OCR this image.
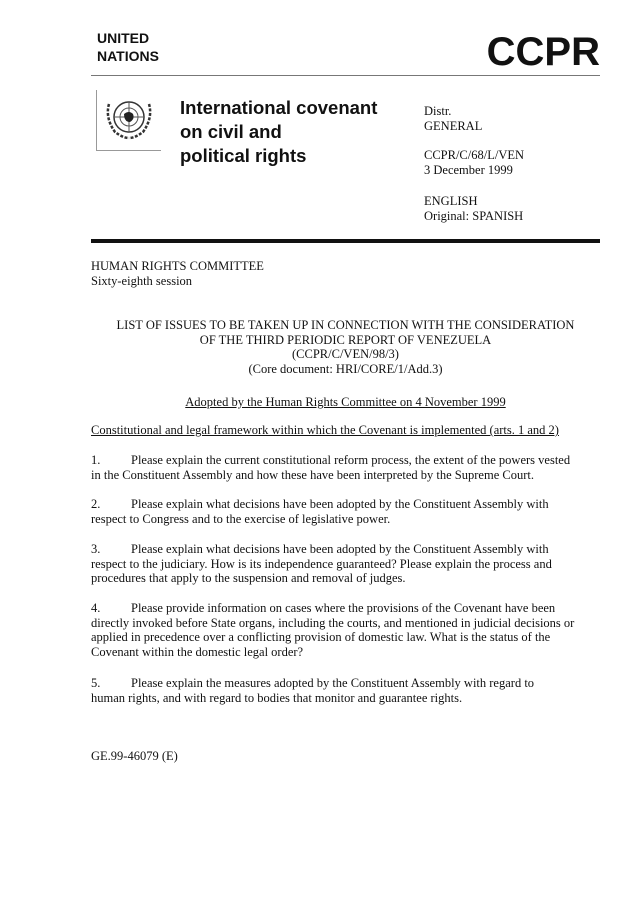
UNITED
NATIONS	CCPR
International covenant
on civil and
political rights
Distr.
GENERAL
CCPR/C/68/L/VEN
3 December 1999
ENGLISH
Original: SPANISH
HUMAN RIGHTS COMMITTEE
Sixty-eighth session
LIST OF ISSUES TO BE TAKEN UP IN CONNECTION WITH THE CONSIDERATION
OF THE THIRD PERIODIC REPORT OF VENEZUELA
(CCPR/C/VEN/98/3)
(Core document: HRI/CORE/1/Add.3)
Adopted by the Human Rights Committee on 4 November 1999
Constitutional and legal framework within which the Covenant is implemented (arts. 1 and 2)
1. Please explain the current constitutional reform process, the extent of the powers vested
in the Constituent Assembly and how these have been interpreted by the Supreme Court.
2. Please explain what decisions have been adopted by the Constituent Assembly with
respect to Congress and to the exercise of legislative power.
3. Please explain what decisions have been adopted by the Constituent Assembly with
respect to the judiciary. How is its independence guaranteed? Please explain the process and
procedures that apply to the suspension and removal of judges.
4. Please provide information on cases where the provisions of the Covenant have been
directly invoked before State organs, including the courts, and mentioned in judicial decisions or
applied in precedence over a conflicting provision of domestic law. What is the status of the
Covenant within the domestic legal order?
5. Please explain the measures adopted by the Constituent Assembly with regard to
human rights, and with regard to bodies that monitor and guarantee rights.
GE.99-46079 (E)
